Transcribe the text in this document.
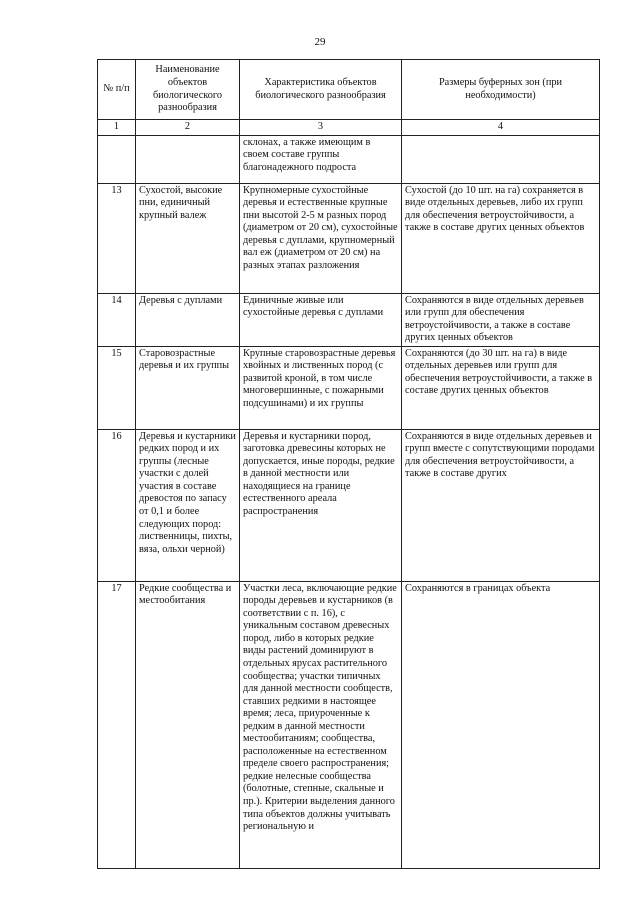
29
№ п/п	Наименование объектов биологического разнообразия	Характеристика объектов биологического разнообразия	Размеры буферных зон (при необходимости)
1	2	3	4
		склонах, а также имеющим в своем составе группы благонадежного подроста	
13	Сухостой, высокие пни, единичный крупный валеж	Крупномерные сухостойные деревья и естественные крупные пни высотой 2-5 м разных пород (диаметром от 20 см), сухостойные деревья с дуплами, крупномерный вал еж (диаметром от 20 см) на разных этапах разложения	Сухостой (до 10 шт. на га) сохраняется в виде отдельных деревьев, либо их групп для обеспечения ветроустойчивости, а также в составе других ценных объектов
14	Деревья с дуплами	Единичные живые или сухостойные деревья с дуплами	Сохраняются в виде отдельных деревьев или групп для обеспечения ветроустойчивости, а также в составе других ценных объектов
15	Старовозрастные деревья и их группы	Крупные старовозрастные деревья хвойных и лиственных пород (с развитой кроной, в том числе многовершинные, с пожарными подсушинами) и их группы	Сохраняются (до 30 шт. на га) в виде отдельных деревьев или групп для обеспечения ветроустойчивости, а также в составе других ценных объектов
16	Деревья и кустарники редких пород и их группы (лесные участки с долей участия в составе древостоя по запасу от 0,1 и более следующих пород: лиственницы, пихты, вяза, ольхи черной)	Деревья и кустарники пород, заготовка древесины которых не допускается, иные породы, редкие в данной местности или находящиеся на границе естественного ареала распространения	Сохраняются в виде отдельных деревьев и групп вместе с сопутствующими породами для обеспечения ветроустойчивости, а также в составе других
17	Редкие сообщества и местообитания	Участки леса, включающие редкие породы деревьев и кустарников (в соответствии с п. 16), с уникальным составом древесных пород, либо в которых редкие виды растений доминируют в отдельных ярусах растительного сообщества; участки типичных для данной местности сообществ, ставших редкими в настоящее время; леса, приуроченные к редким в данной местности местообитаниям; сообщества, расположенные на естественном пределе своего распространения; редкие нелесные сообщества (болотные, степные, скальные и пр.). Критерии выделения данного типа объектов должны учитывать региональную и	Сохраняются в границах объекта
